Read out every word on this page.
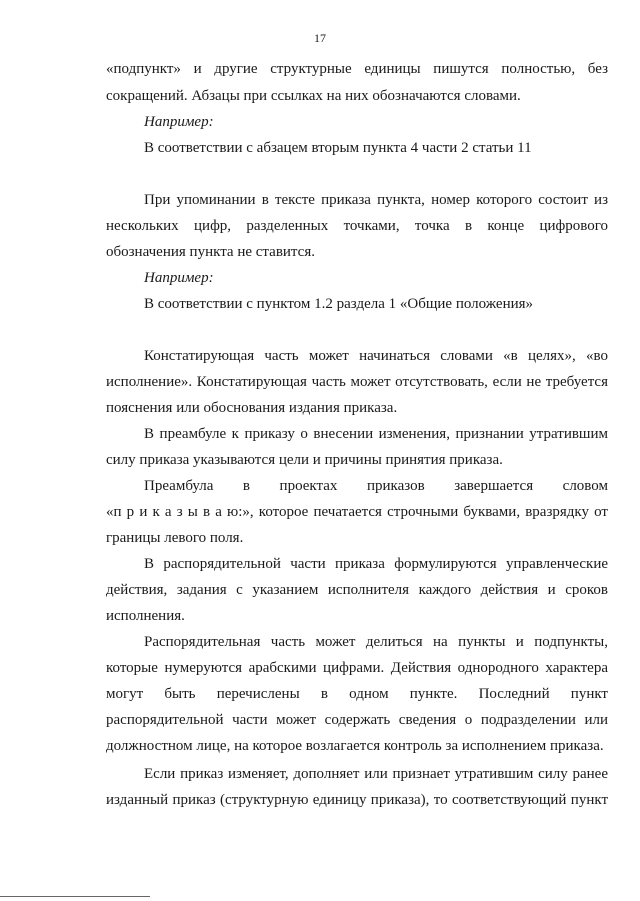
17
«подпункт» и другие структурные единицы пишутся полностью, без
сокращений. Абзацы при ссылках на них обозначаются словами.
Например:
В соответствии с абзацем вторым пункта 4 части 2 статьи 11
При упоминании в тексте приказа пункта, номер которого состоит из
нескольких цифр, разделенных точками, точка в конце цифрового
обозначения пункта не ставится.
Например:
В соответствии с пунктом 1.2 раздела 1 «Общие положения»
Констатирующая часть может начинаться словами «в целях», «во
исполнение». Констатирующая часть может отсутствовать, если не требуется
пояснения или обоснования издания приказа.
В преамбуле к приказу о внесении изменения, признании утратившим
силу приказа указываются цели и причины принятия приказа.
Преамбула в проектах приказов завершается словом
«п р и к а з ы в а ю:», которое печатается строчными буквами, вразрядку от
границы левого поля.
В распорядительной части приказа формулируются управленческие
действия, задания с указанием исполнителя каждого действия и сроков
исполнения.
Распорядительная часть может делиться на пункты и подпункты,
которые нумеруются арабскими цифрами. Действия однородного характера
могут быть перечислены в одном пункте. Последний пункт
распорядительной части может содержать сведения о подразделении или
должностном лице, на которое возлагается контроль за исполнением приказа.
Если приказ изменяет, дополняет или признает утратившим силу ранее
изданный приказ (структурную единицу приказа), то соответствующий пункт
